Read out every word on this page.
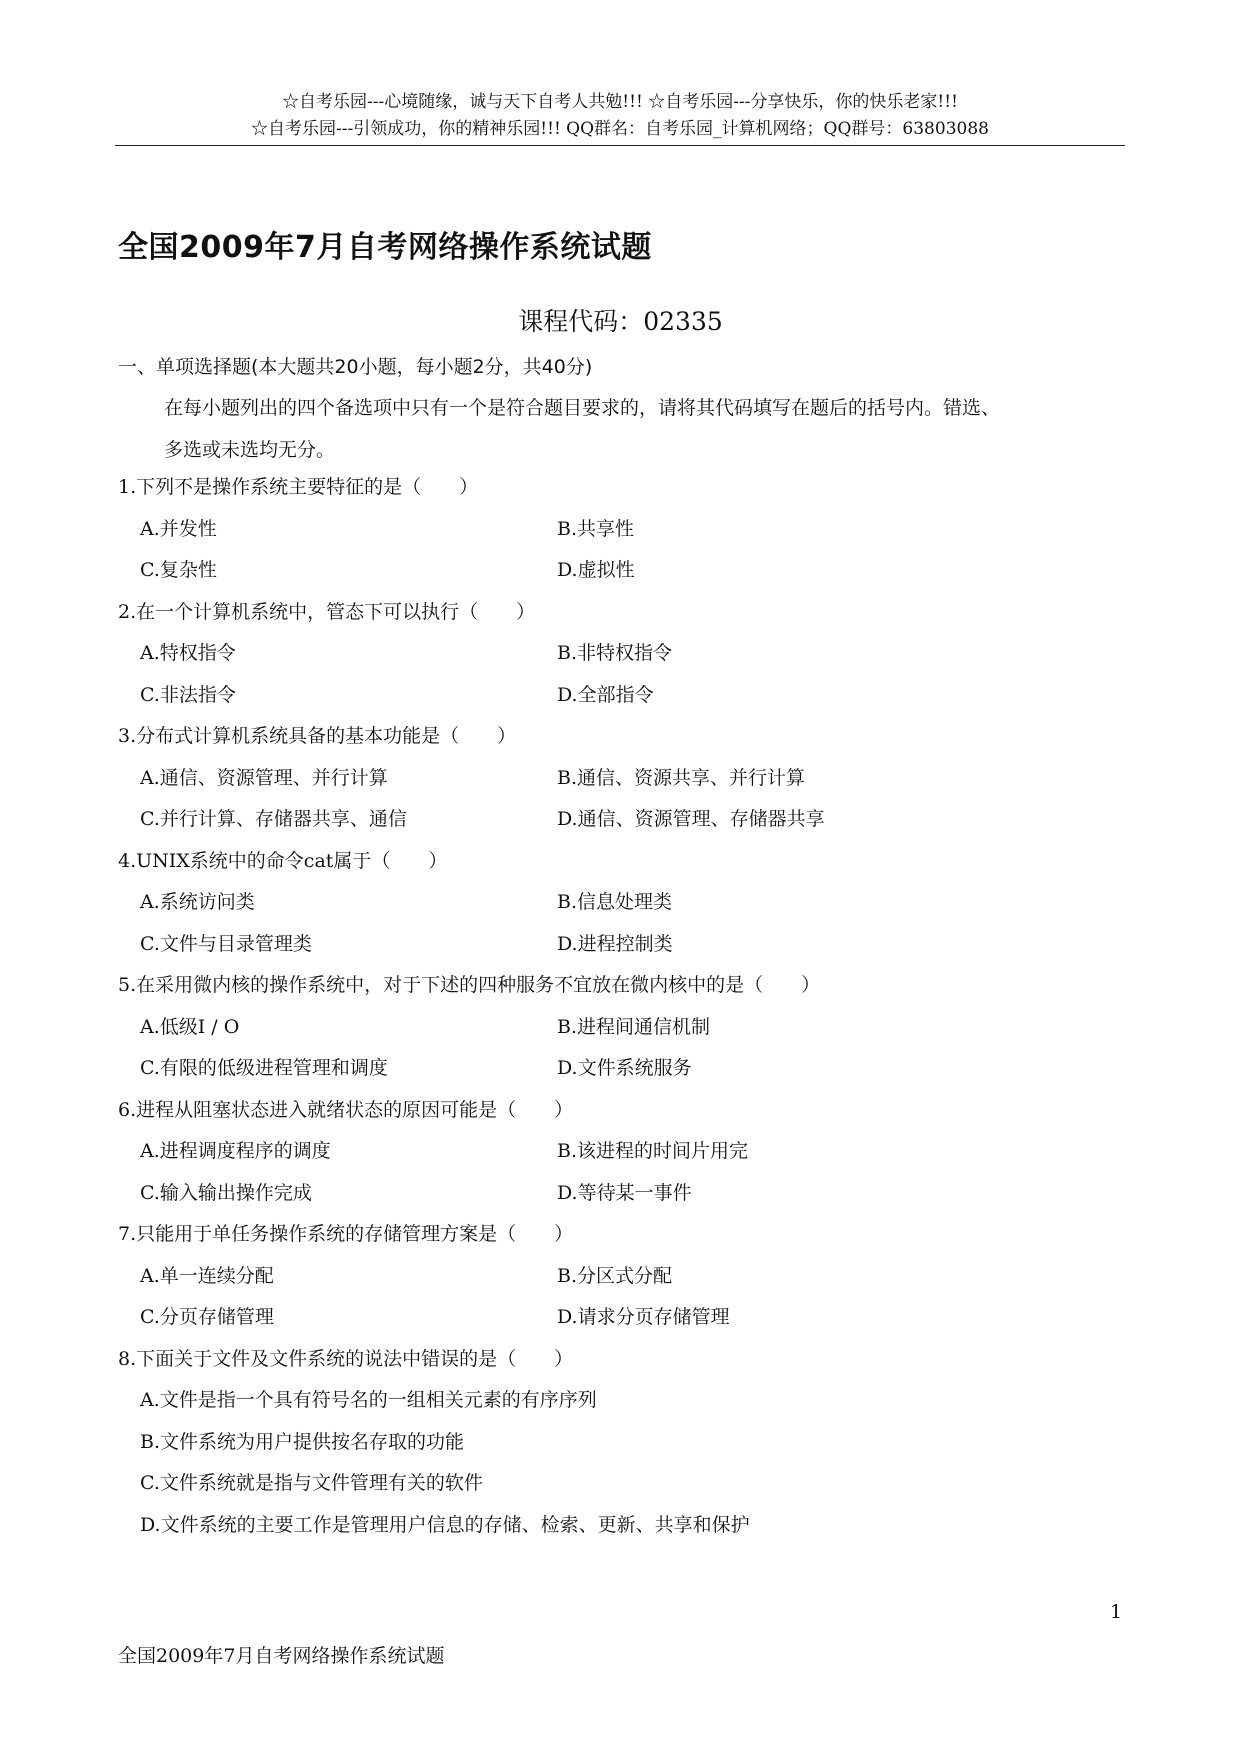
☆自考乐园---心境随缘，诚与天下自考人共勉!!! ☆自考乐园---分享快乐，你的快乐老家!!!
☆自考乐园---引领成功，你的精神乐园!!! QQ群名：自考乐园_计算机网络；QQ群号：63803088
全国2009年7月自考网络操作系统试题
课程代码：02335
一、单项选择题(本大题共20小题，每小题2分，共40分)
在每小题列出的四个备选项中只有一个是符合题目要求的，请将其代码填写在题后的括号内。错选、
多选或未选均无分。
1.下列不是操作系统主要特征的是（　　）
A.并发性	B.共享性
C.复杂性	D.虚拟性
2.在一个计算机系统中，管态下可以执行（　　）
A.特权指令	B.非特权指令
C.非法指令	D.全部指令
3.分布式计算机系统具备的基本功能是（　　）
A.通信、资源管理、并行计算	B.通信、资源共享、并行计算
C.并行计算、存储器共享、通信	D.通信、资源管理、存储器共享
4.UNIX系统中的命令cat属于（　　）
A.系统访问类	B.信息处理类
C.文件与目录管理类	D.进程控制类
5.在采用微内核的操作系统中，对于下述的四种服务不宜放在微内核中的是（　　）
A.低级I / O	B.进程间通信机制
C.有限的低级进程管理和调度	D.文件系统服务
6.进程从阻塞状态进入就绪状态的原因可能是（　　）
A.进程调度程序的调度	B.该进程的时间片用完
C.输入输出操作完成	D.等待某一事件
7.只能用于单任务操作系统的存储管理方案是（　　）
A.单一连续分配	B.分区式分配
C.分页存储管理	D.请求分页存储管理
8.下面关于文件及文件系统的说法中错误的是（　　）
A.文件是指一个具有符号名的一组相关元素的有序序列
B.文件系统为用户提供按名存取的功能
C.文件系统就是指与文件管理有关的软件
D.文件系统的主要工作是管理用户信息的存储、检索、更新、共享和保护
1
全国2009年7月自考网络操作系统试题
